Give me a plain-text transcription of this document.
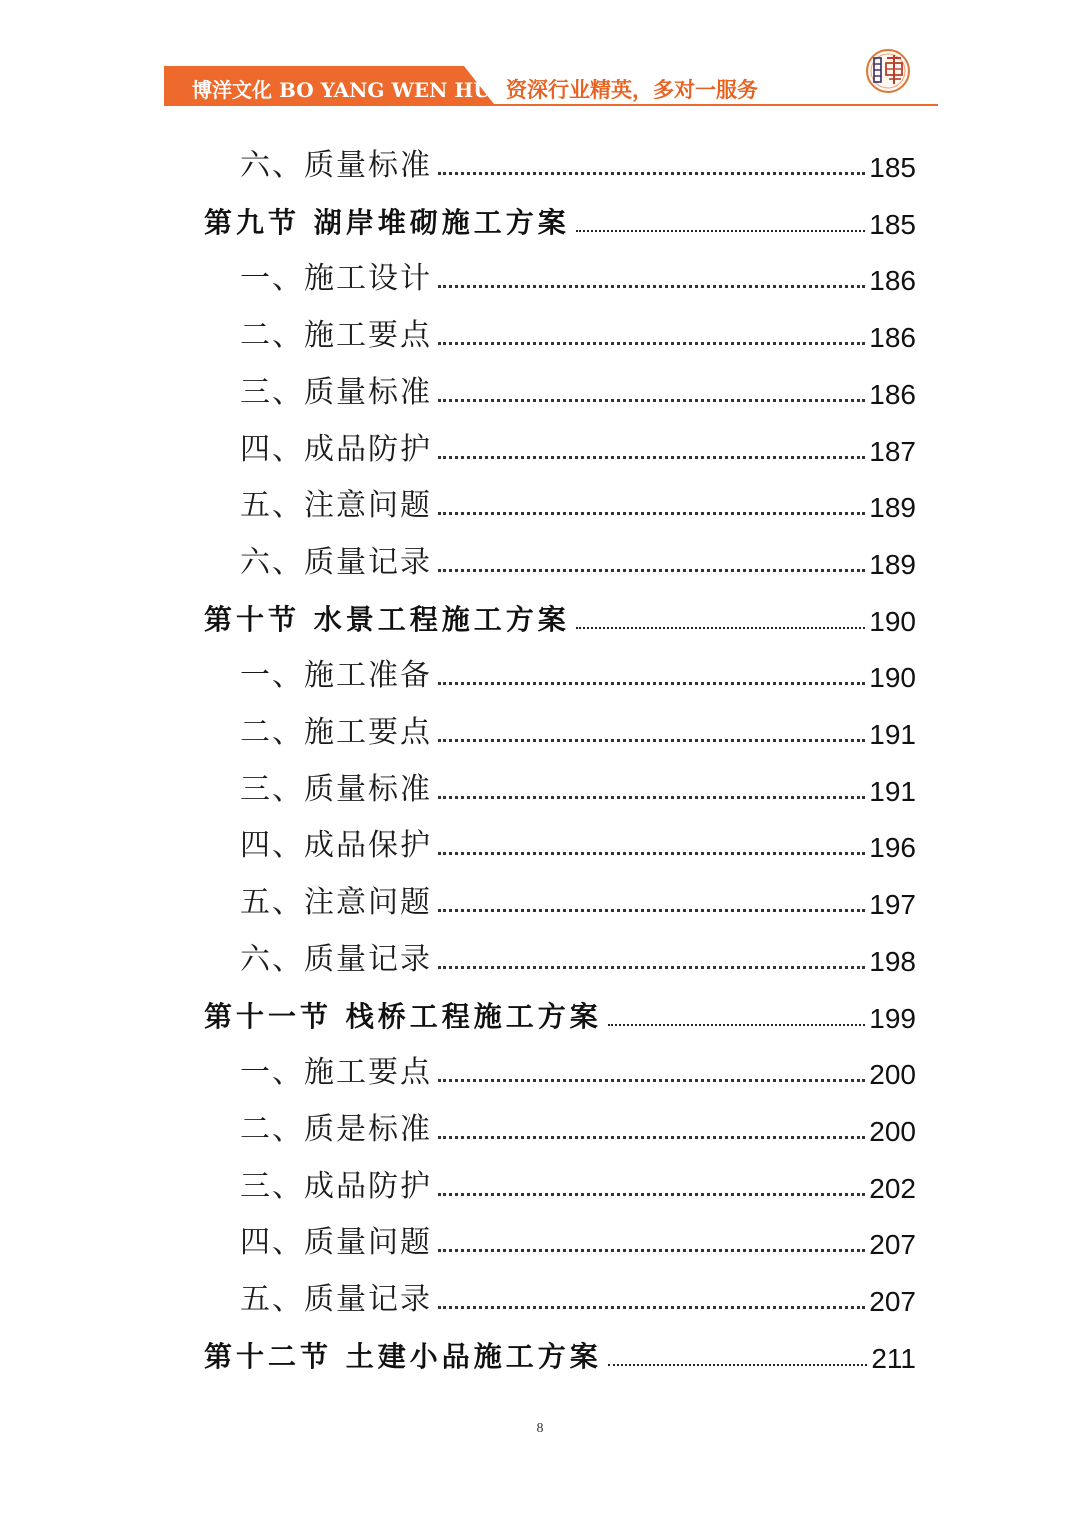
博洋文化 BO YANG WEN HUA 资深行业精英，多对一服务
六、质量标准	185
第九节 湖岸堆砌施工方案	185
一、施工设计	186
二、施工要点	186
三、质量标准	186
四、成品防护	187
五、注意问题	189
六、质量记录	189
第十节 水景工程施工方案	190
一、施工准备	190
二、施工要点	191
三、质量标准	191
四、成品保护	196
五、注意问题	197
六、质量记录	198
第十一节 栈桥工程施工方案	199
一、施工要点	200
二、质是标准	200
三、成品防护	202
四、质量问题	207
五、质量记录	207
第十二节 土建小品施工方案	211
8
